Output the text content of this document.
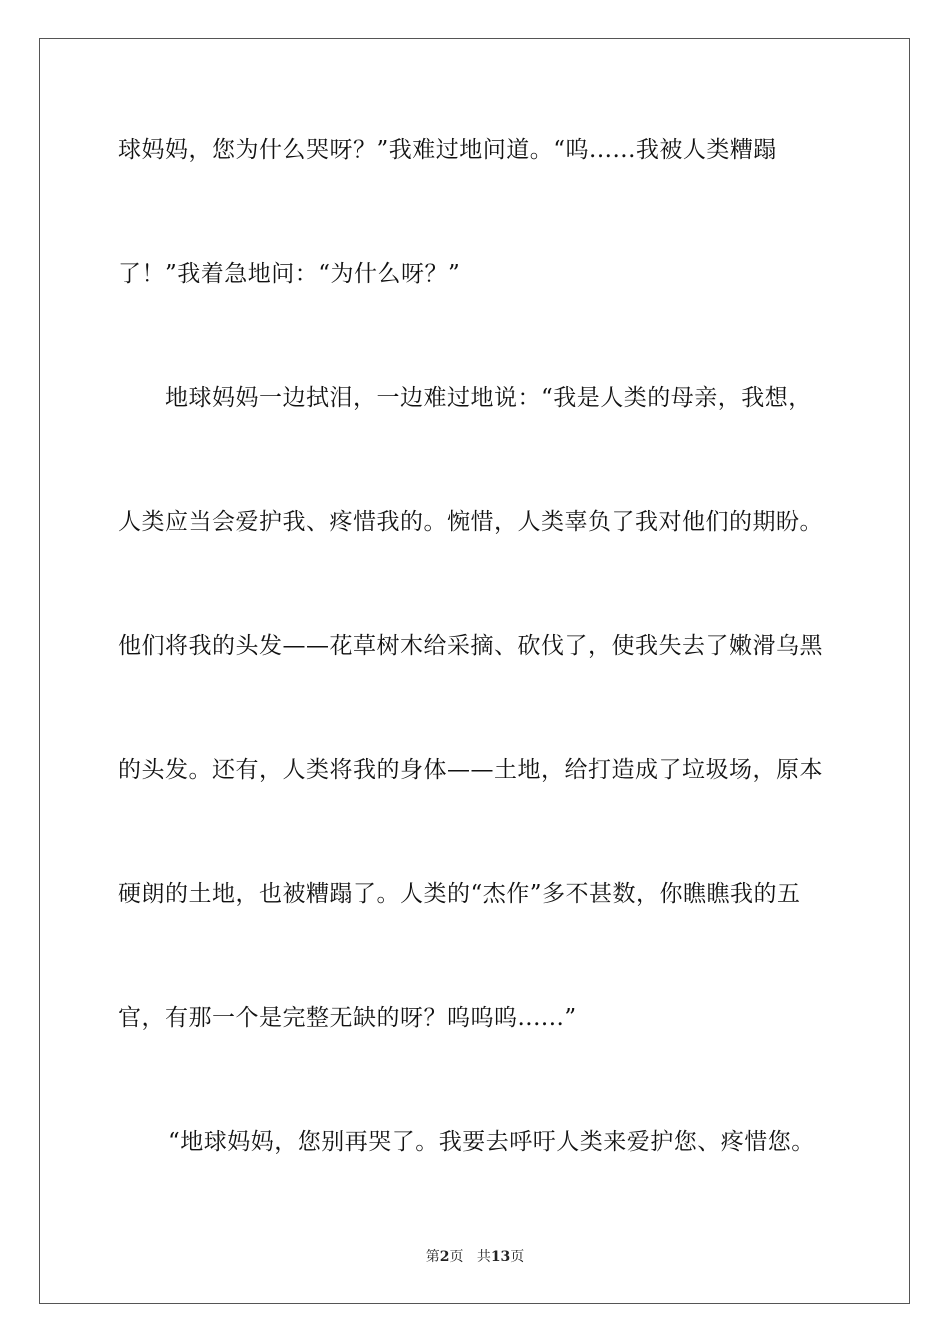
球妈妈，您为什么哭呀？”我难过地问道。“呜......我被人类糟蹋
了！”我着急地问：“为什么呀？”
地球妈妈一边拭泪，一边难过地说：“我是人类的母亲，我想，
人类应当会爱护我、疼惜我的。惋惜，人类辜负了我对他们的期盼。
他们将我的头发——花草树木给采摘、砍伐了，使我失去了嫩滑乌黑
的头发。还有，人类将我的身体——土地，给打造成了垃圾场，原本
硬朗的土地，也被糟蹋了。人类的“杰作”多不甚数，你瞧瞧我的五
官，有那一个是完整无缺的呀？呜呜呜......”
“地球妈妈，您别再哭了。我要去呼吁人类来爱护您、疼惜您。
第2页 共13页
